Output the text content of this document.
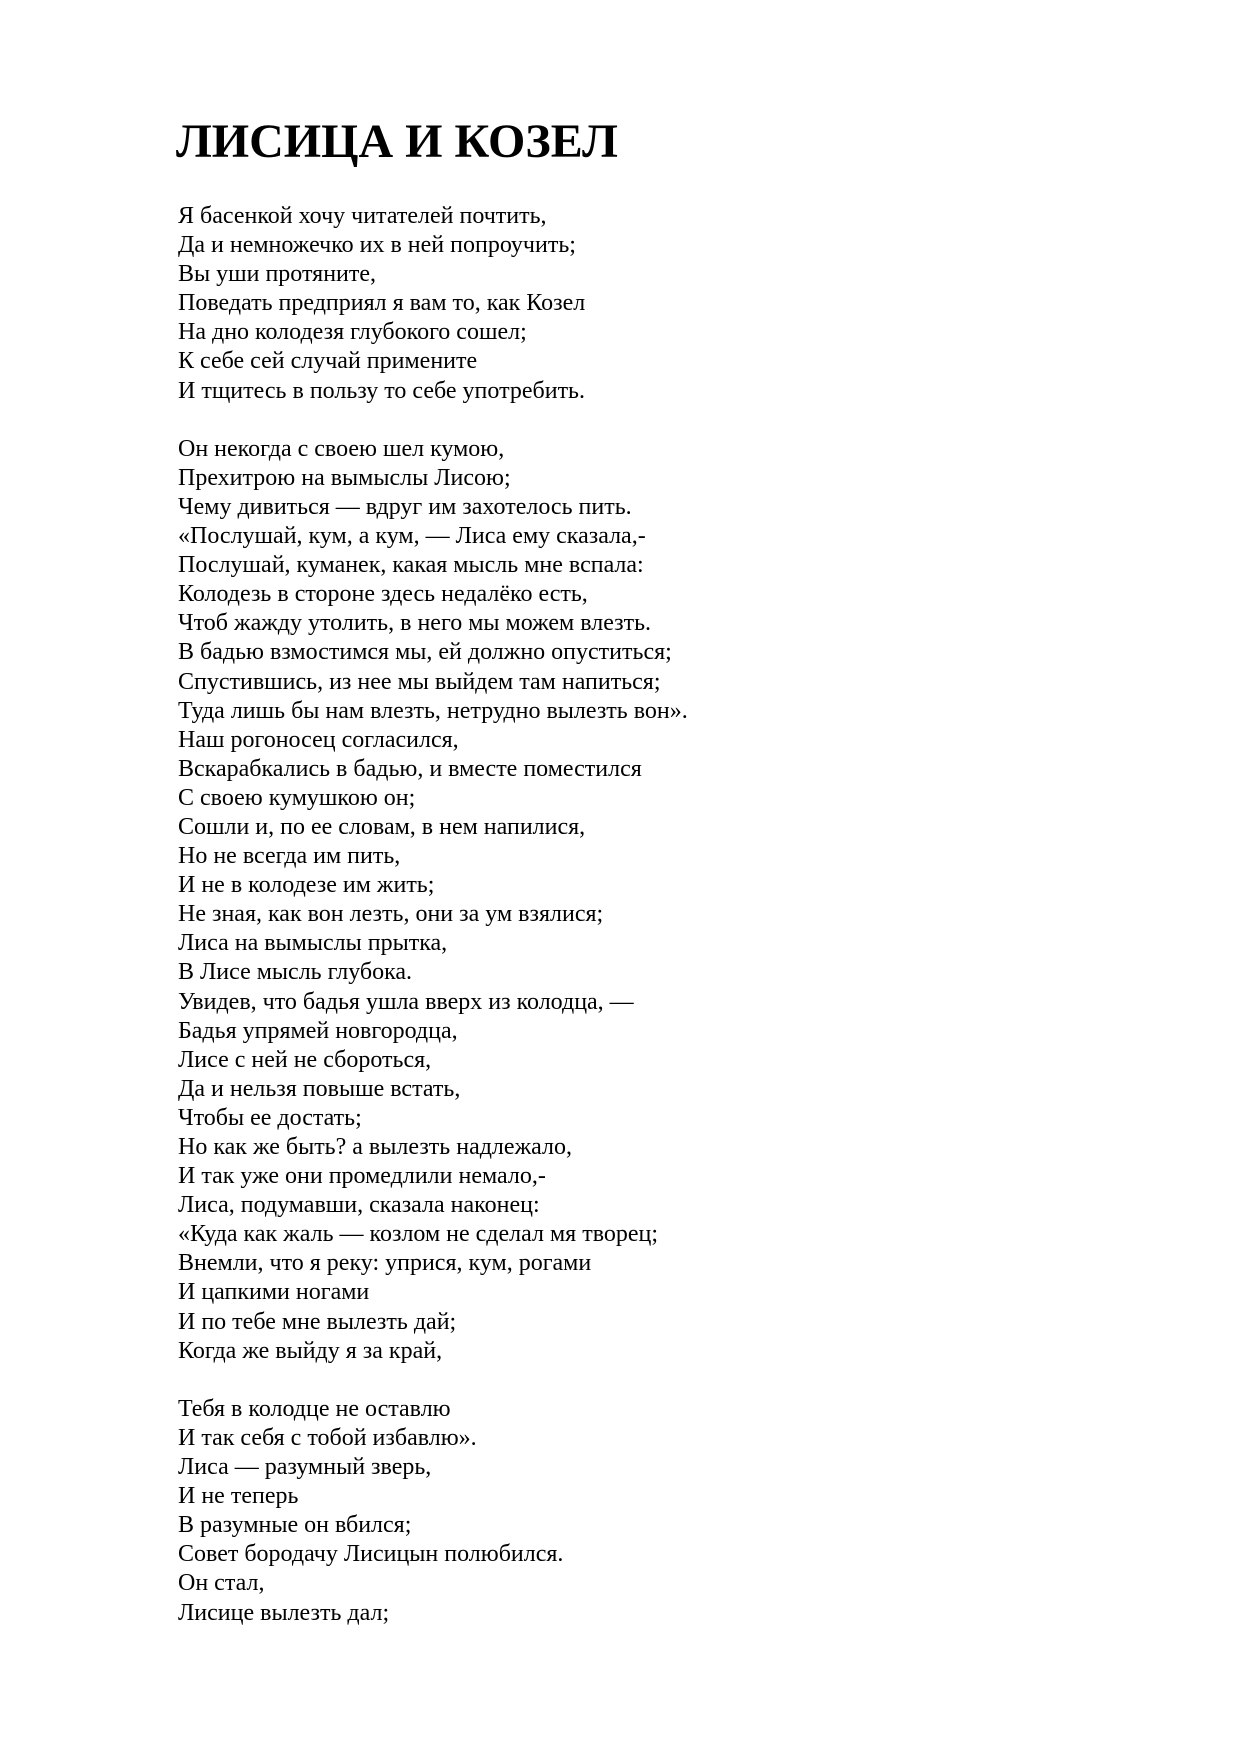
ЛИСИЦА И КОЗЕЛ
Я басенкой хочу читателей почтить,
Да и немножечко их в ней попроучить;
Вы уши протяните,
Поведать предприял я вам то, как Козел
На дно колодезя глубокого сошел;
К себе сей случай примените
И тщитесь в пользу то себе употребить.
Он некогда с своею шел кумою,
Прехитрою на вымыслы Лисою;
Чему дивиться — вдруг им захотелось пить.
«Послушай, кум, а кум, — Лиса ему сказала,-
Послушай, куманек, какая мысль мне вспала:
Колодезь в стороне здесь недалёко есть,
Чтоб жажду утолить, в него мы можем влезть.
В бадью взмостимся мы, ей должно опуститься;
Спустившись, из нее мы выйдем там напиться;
Туда лишь бы нам влезть, нетрудно вылезть вон».
Наш рогоносец согласился,
Вскарабкались в бадью, и вместе поместился
С своею кумушкою он;
Сошли и, по ее словам, в нем напилися,
Но не всегда им пить,
И не в колодезе им жить;
Не зная, как вон лезть, они за ум взялися;
Лиса на вымыслы прытка,
В Лисе мысль глубока.
Увидев, что бадья ушла вверх из колодца, —
Бадья упрямей новгородца,
Лисе с ней не сбороться,
Да и нельзя повыше встать,
Чтобы ее достать;
Но как же быть? а вылезть надлежало,
И так уже они промедлили немало,-
Лиса, подумавши, сказала наконец:
«Куда как жаль — козлом не сделал мя творец;
Внемли, что я реку: уприся, кум, рогами
И цапкими ногами
И по тебе мне вылезть дай;
Когда же выйду я за край,
Тебя в колодце не оставлю
И так себя с тобой избавлю».
Лиса — разумный зверь,
И не теперь
В разумные он вбился;
Совет бородачу Лисицын полюбился.
Он стал,
Лисице вылезть дал;
